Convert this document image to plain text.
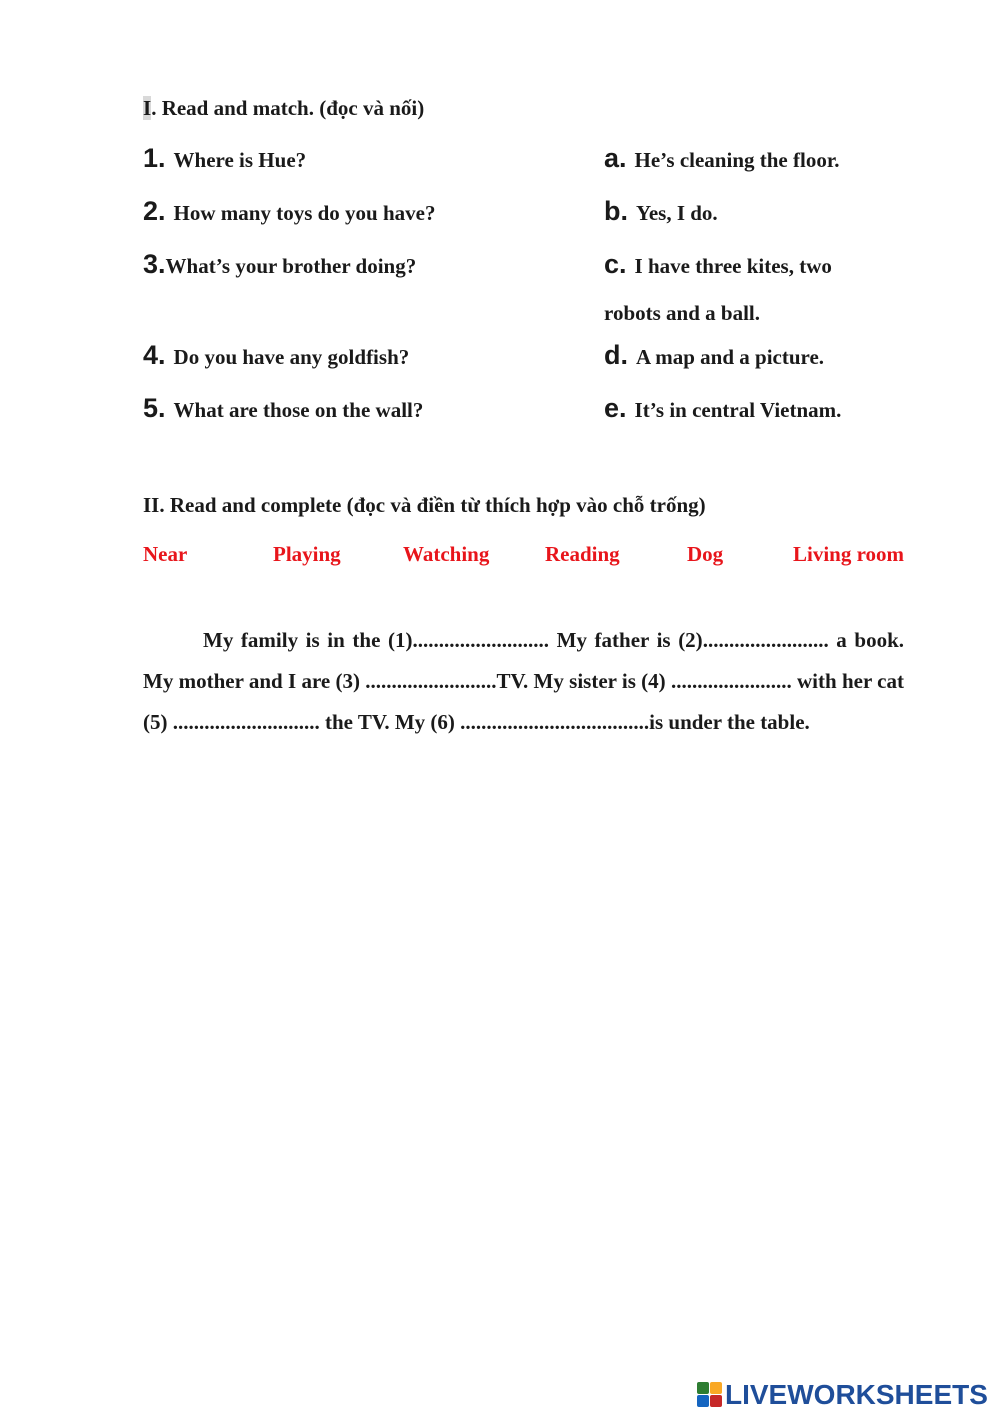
I. Read and match. (đọc và nối)
1. Where is Hue?
2. How many toys do you have?
3.What’s your brother doing?
4. Do you have any goldfish?
5. What are those on the wall?
a. He’s cleaning the floor.
b. Yes, I do.
c. I have three kites, two
robots and a ball.
d. A map and a picture.
e. It’s in central Vietnam.
II. Read and complete (đọc và điền từ thích hợp vào chỗ trống)
Near	Playing	Watching	Reading	Dog	Living room
My family is in the (1).......................... My father is (2)........................ a book. My mother and I are (3) .........................TV. My sister is (4) ....................... with her cat (5) ............................ the TV. My (6) ....................................is under the table.
LIVEWORKSHEETS
